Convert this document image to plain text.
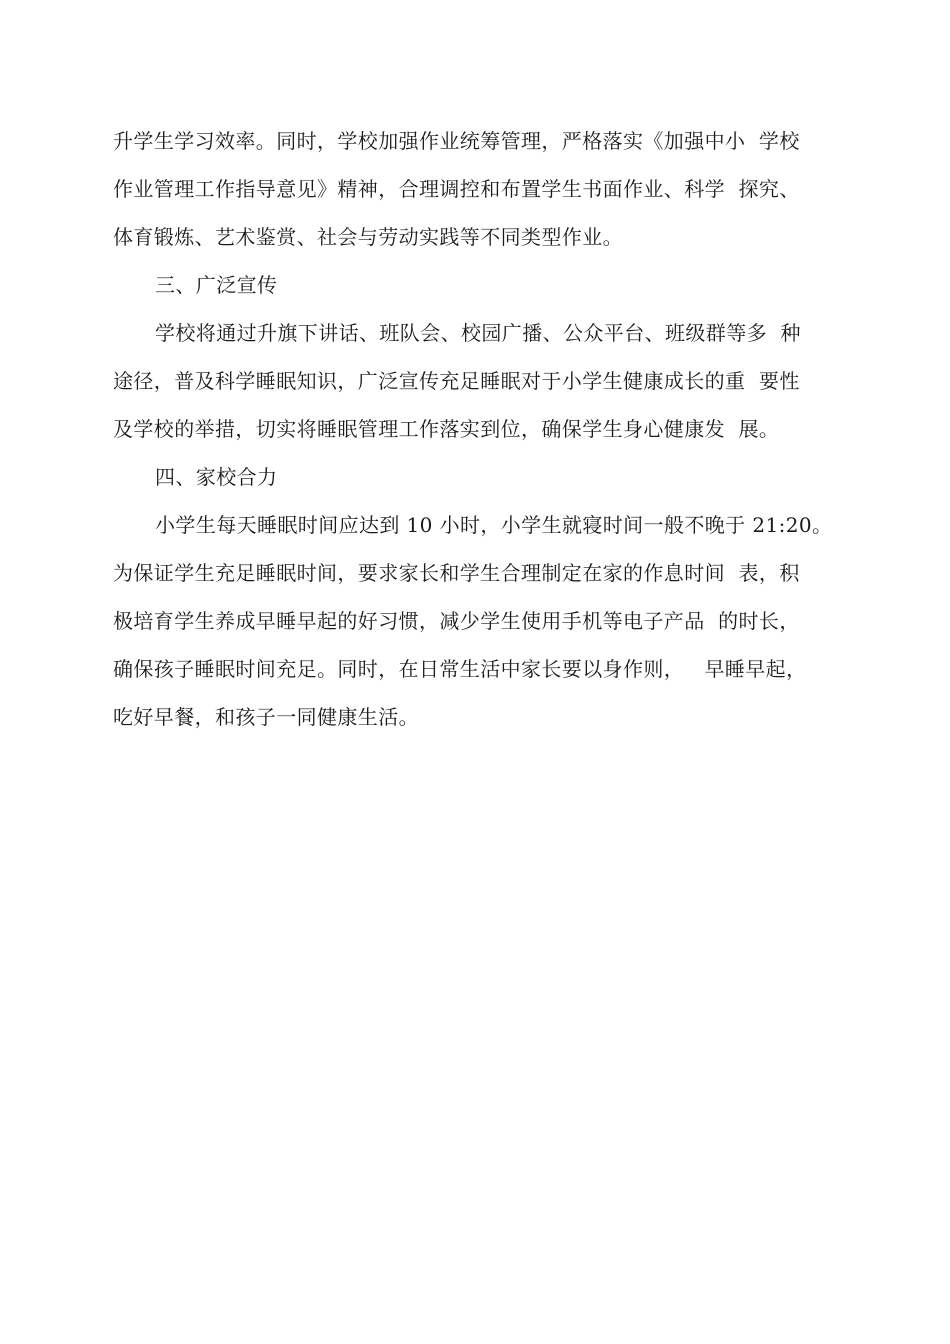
升学生学习效率。同时，学校加强作业统筹管理，严格落实《加强中小  学校
作业管理工作指导意见》精神，合理调控和布置学生书面作业、科学  探究、
体育锻炼、艺术鉴赏、社会与劳动实践等不同类型作业。
三、广泛宣传
学校将通过升旗下讲话、班队会、校园广播、公众平台、班级群等多  种
途径，普及科学睡眠知识，广泛宣传充足睡眠对于小学生健康成长的重  要性
及学校的举措，切实将睡眠管理工作落实到位，确保学生身心健康发  展。
四、家校合力
小学生每天睡眠时间应达到 10 小时，小学生就寝时间一般不晚于 21:20。
为保证学生充足睡眠时间，要求家长和学生合理制定在家的作息时间  表，积
极培育学生养成早睡早起的好习惯，减少学生使用手机等电子产品  的时长，
确保孩子睡眠时间充足。同时，在日常生活中家长要以身作则，   早睡早起，
吃好早餐，和孩子一同健康生活。
